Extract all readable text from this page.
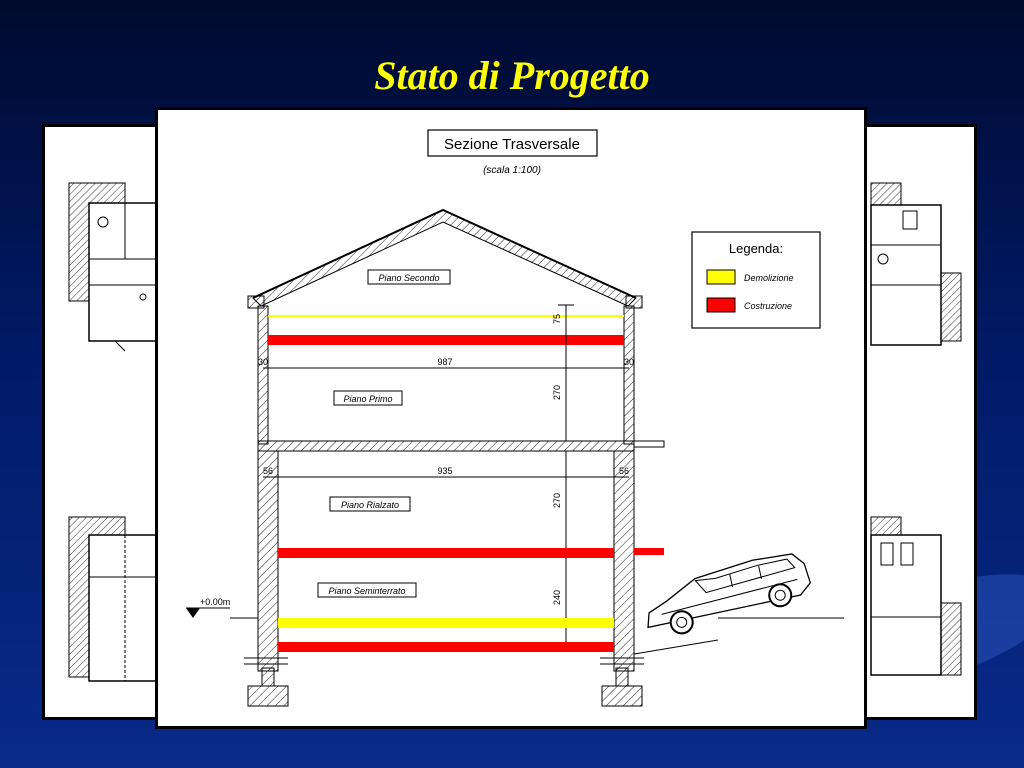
Stato di Progetto
Sezione Trasversale
(scala 1:100)
75
987
30	30
Piano Secondo
270
Piano Primo
935
56	56
Piano Rialzato	270
Piano Seminterrato	240
+0.00m
Legenda:
Demolizione
Costruzione
